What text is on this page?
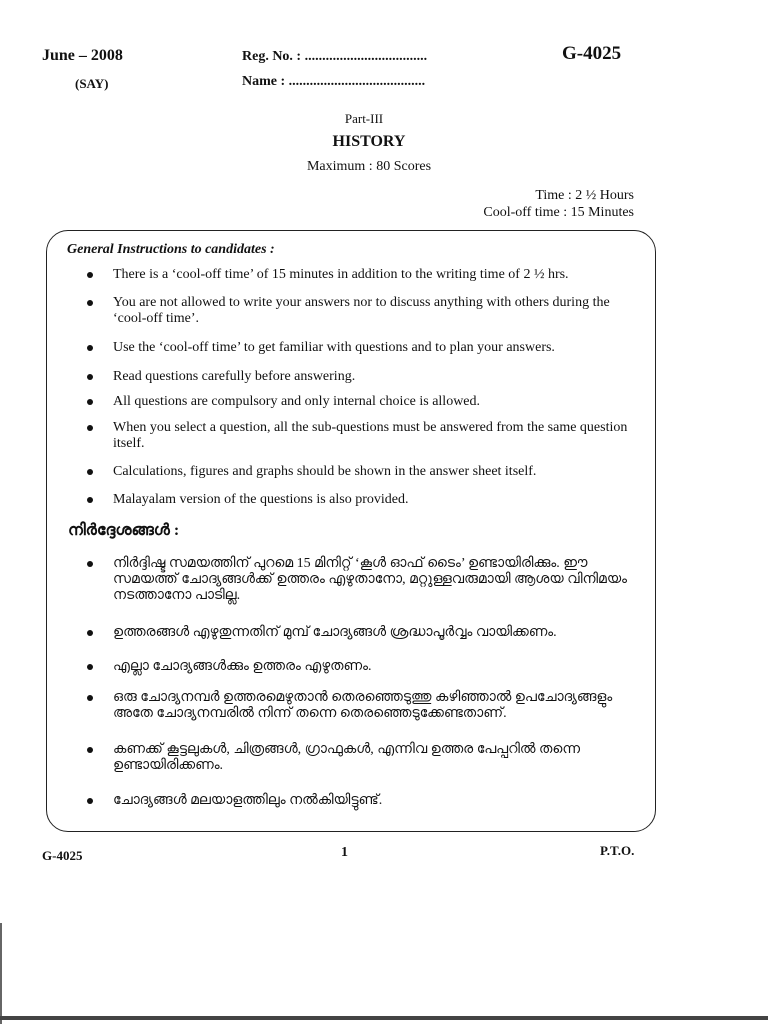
June – 2008
(SAY)
Reg. No. : ...................................
Name : .......................................
G-4025
Part-III
HISTORY
Maximum : 80 Scores
Time : 2 ½ Hours
Cool-off time : 15 Minutes
General Instructions to candidates :
There is a ‘cool-off time’ of 15 minutes in addition to the writing time of 2 ½ hrs.
You are not allowed to write your answers nor to discuss anything with others during the ‘cool-off time’.
Use the ‘cool-off time’ to get familiar with questions and to plan your answers.
Read questions carefully before answering.
All questions are compulsory and only internal choice is allowed.
When you select a question, all the sub-questions must be answered from the same question itself.
Calculations, figures and graphs should be shown in the answer sheet itself.
Malayalam version of the questions is also provided.
നിർദ്ദേശങ്ങൾ :
നിർദ്ദിഷ്ട സമയത്തിന് പുറമെ 15 മിനിറ്റ് ‘കൂൾ ഓഫ് ടൈം’ ഉണ്ടായിരിക്കും. ഈ സമയത്ത് ചോദ്യങ്ങൾക്ക് ഉത്തരം എഴുതാനോ, മറ്റുള്ളവരുമായി ആശയ വിനിമയം നടത്താനോ പാടില്ല.
ഉത്തരങ്ങൾ എഴുതുന്നതിന് മുമ്പ് ചോദ്യങ്ങൾ ശ്രദ്ധാപൂർവ്വം വായിക്കണം.
എല്ലാ ചോദ്യങ്ങൾക്കും ഉത്തരം എഴുതണം.
ഒരു ചോദ്യനമ്പർ ഉത്തരമെഴുതാൻ തെരഞ്ഞെടുത്തു കഴിഞ്ഞാൽ ഉപചോദ്യങ്ങളും അതേ ചോദ്യനമ്പരിൽ നിന്ന് തന്നെ തെരഞ്ഞെടുക്കേണ്ടതാണ്.
കണക്ക് കൂട്ടലുകൾ, ചിത്രങ്ങൾ, ഗ്രാഫുകൾ, എന്നിവ ഉത്തര പേപ്പറിൽ തന്നെ ഉണ്ടായിരിക്കണം.
ചോദ്യങ്ങൾ മലയാളത്തിലും നൽകിയിട്ടുണ്ട്.
G-4025	1	P.T.O.
